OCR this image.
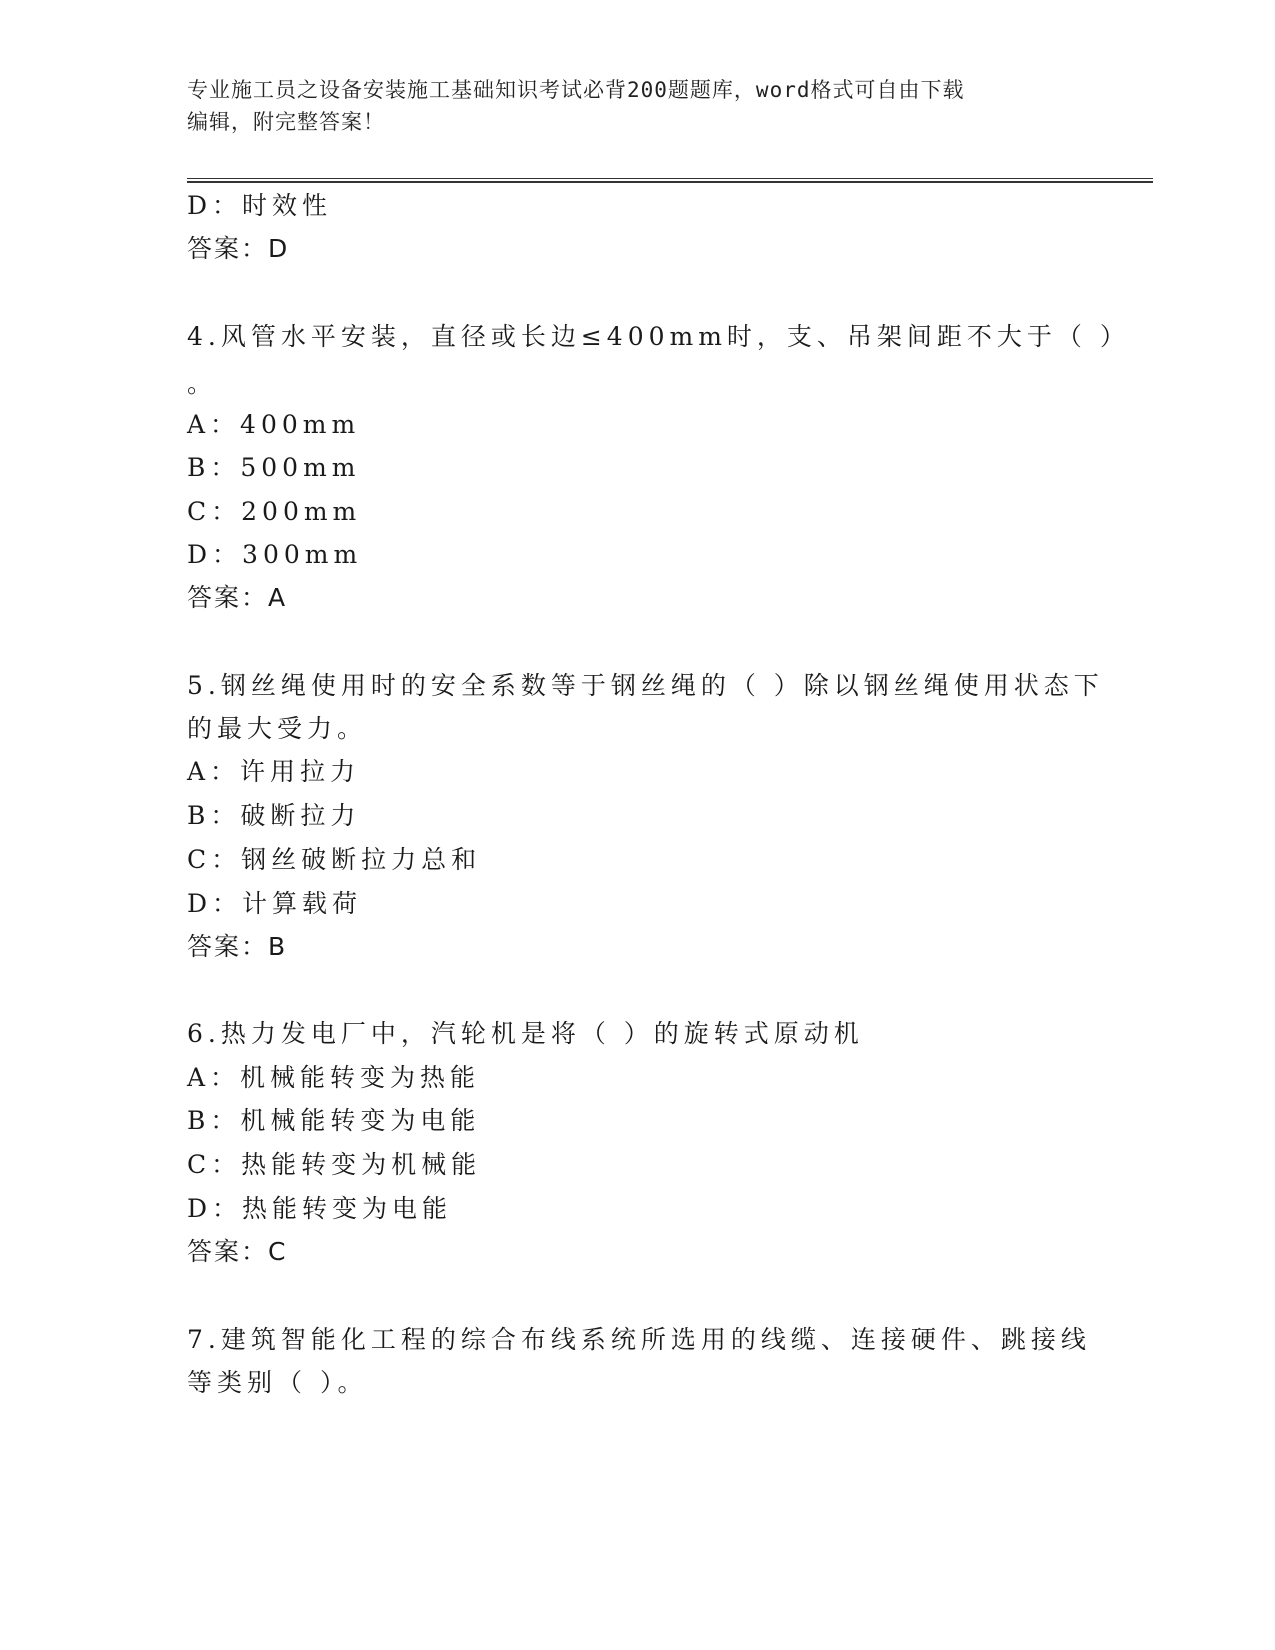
专业施工员之设备安装施工基础知识考试必背200题题库，word格式可自由下载
编辑，附完整答案！
D：时效性
答案：D
4.风管水平安装，直径或长边≤400mm时，支、吊架间距不大于（ ）
。
A：400mm
B：500mm
C：200mm
D：300mm
答案：A
5.钢丝绳使用时的安全系数等于钢丝绳的（ ）除以钢丝绳使用状态下
的最大受力。
A：许用拉力
B：破断拉力
C：钢丝破断拉力总和
D：计算载荷
答案：B
6.热力发电厂中，汽轮机是将（ ）的旋转式原动机
A：机械能转变为热能
B：机械能转变为电能
C：热能转变为机械能
D：热能转变为电能
答案：C
7.建筑智能化工程的综合布线系统所选用的线缆、连接硬件、跳接线
等类别（ ）。
